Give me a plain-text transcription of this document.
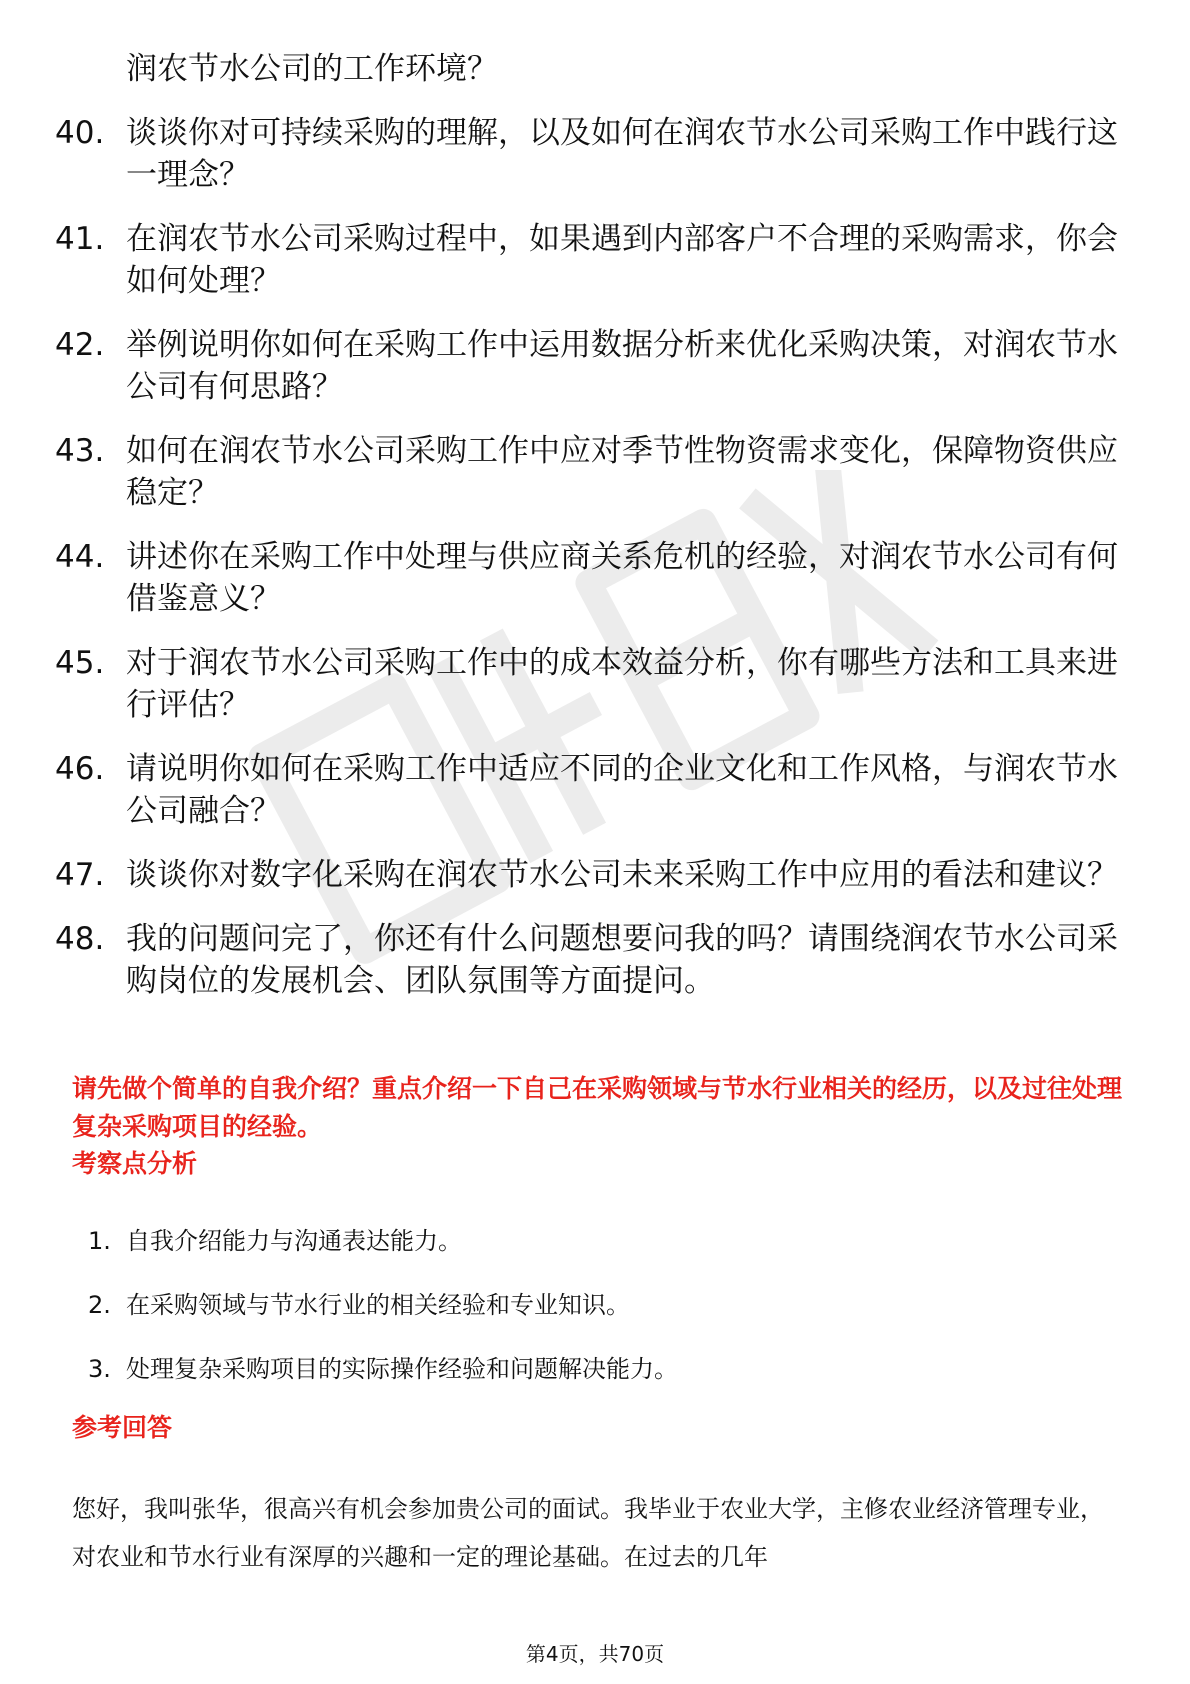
润农节水公司的工作环境？
40. 谈谈你对可持续采购的理解，以及如何在润农节水公司采购工作中践行这一理念？
41. 在润农节水公司采购过程中，如果遇到内部客户不合理的采购需求，你会如何处理？
42. 举例说明你如何在采购工作中运用数据分析来优化采购决策，对润农节水公司有何思路？
43. 如何在润农节水公司采购工作中应对季节性物资需求变化，保障物资供应稳定？
44. 讲述你在采购工作中处理与供应商关系危机的经验，对润农节水公司有何借鉴意义？
45. 对于润农节水公司采购工作中的成本效益分析，你有哪些方法和工具来进行评估？
46. 请说明你如何在采购工作中适应不同的企业文化和工作风格，与润农节水公司融合？
47. 谈谈你对数字化采购在润农节水公司未来采购工作中应用的看法和建议？
48. 我的问题问完了，你还有什么问题想要问我的吗？请围绕润农节水公司采购岗位的发展机会、团队氛围等方面提问。
请先做个简单的自我介绍？重点介绍一下自己在采购领域与节水行业相关的经历，以及过往处理复杂采购项目的经验。
考察点分析
1. 自我介绍能力与沟通表达能力。
2. 在采购领域与节水行业的相关经验和专业知识。
3. 处理复杂采购项目的实际操作经验和问题解决能力。
参考回答
您好，我叫张华，很高兴有机会参加贵公司的面试。我毕业于农业大学，主修农业经济管理专业，对农业和节水行业有深厚的兴趣和一定的理论基础。在过去的几年
第4页，共70页
